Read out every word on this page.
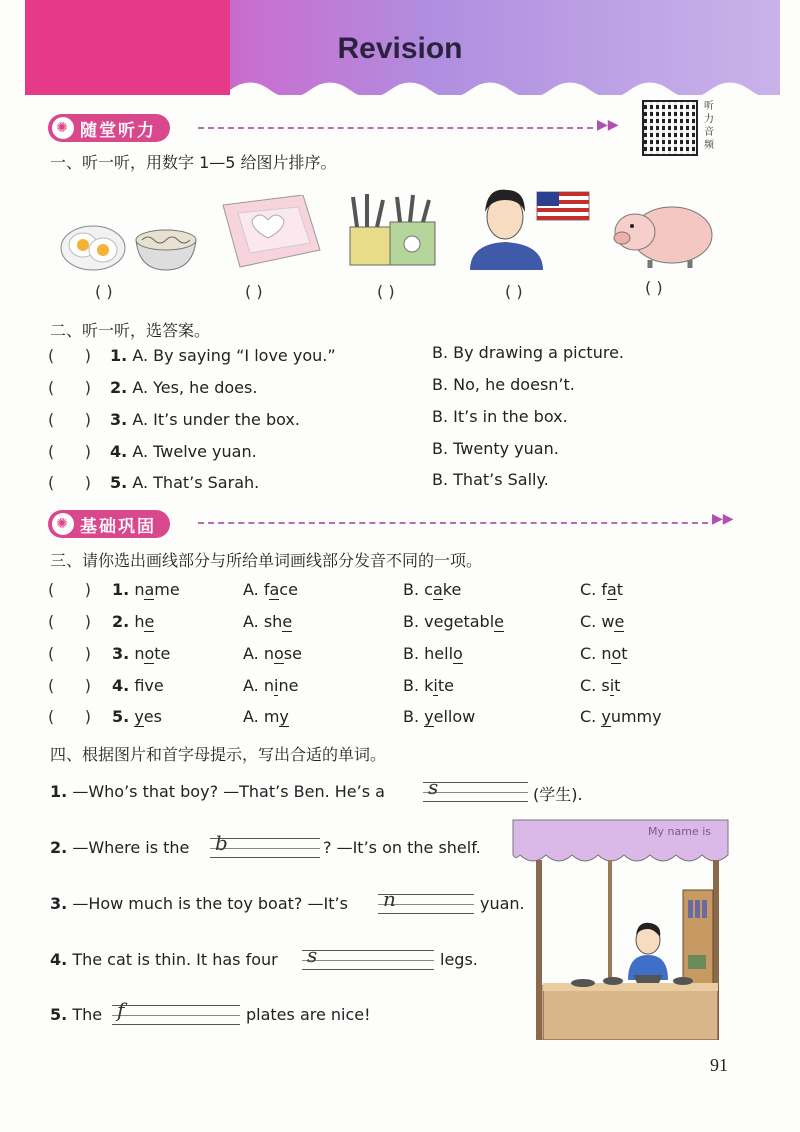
Revision
听力音频
✺ 随堂听力	▶▶
一、听一听，用数字 1—5 给图片排序。
( )	( )	( )	( )	( )
二、听一听，选答案。
(      ) 1. A. By saying “I love you.”	B. By drawing a picture.
(      ) 2. A. Yes, he does.	B. No, he doesn’t.
(      ) 3. A. It’s under the box.	B. It’s in the box.
(      ) 4. A. Twelve yuan.	B. Twenty yuan.
(      ) 5. A. That’s Sarah.	B. That’s Sally.
✺ 基础巩固	▶▶
三、请你选出画线部分与所给单词画线部分发音不同的一项。
(      ) 1. name	A. face	B. cake	C. fat
(      ) 2. he	A. she	B. vegetable	C. we
(      ) 3. note	A. nose	B. hello	C. not
(      ) 4. fve	A. nine	B. kite	C. sit
(      ) 5. yes	A. my	B. yellow	C. yummy
四、根据图片和首字母提示，写出合适的单词。
1. —Who’s that boy? —That’s Ben. He’s a s	(学生).
2. —Where is the b	? —It’s on the shelf.
3. —How much is the toy boat? —It’s n	yuan.
4. The cat is thin. It has four s	legs.
5. The f	plates are nice!
My name is
91
